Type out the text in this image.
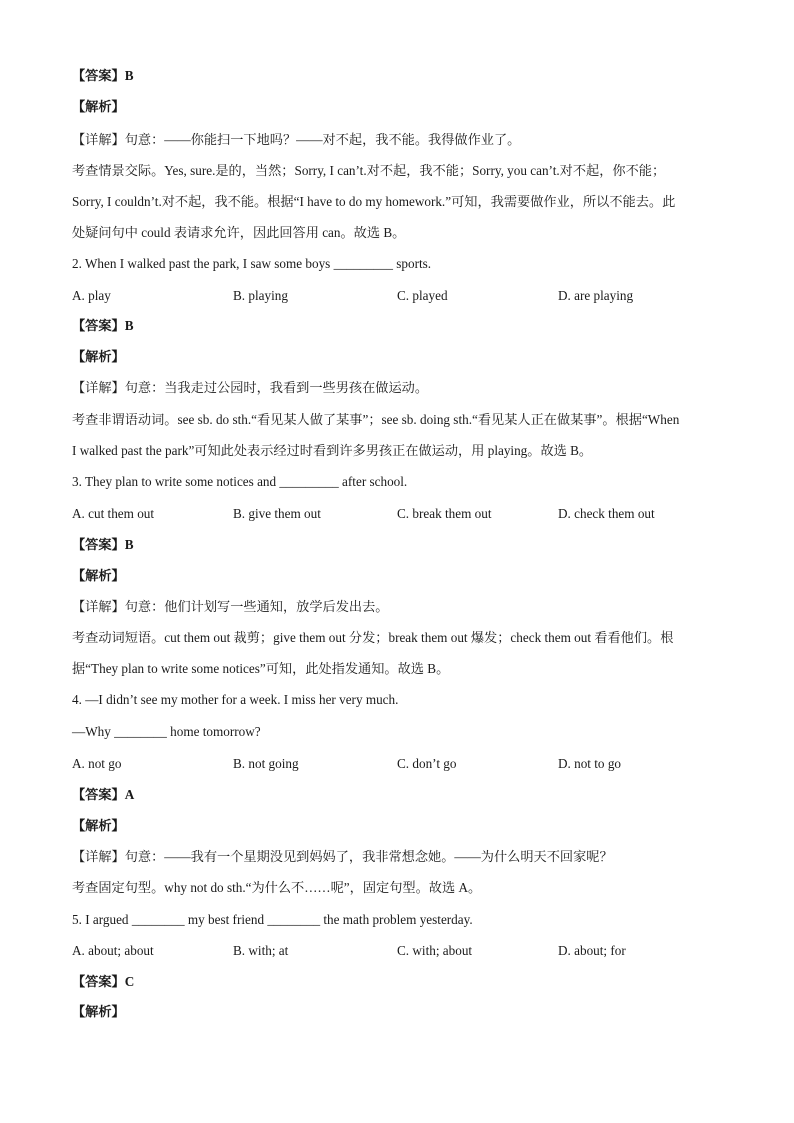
【答案】B
【解析】
【详解】句意：——你能扫一下地吗？——对不起，我不能。我得做作业了。
考查情景交际。Yes, sure.是的，当然；Sorry, I can’t.对不起，我不能；Sorry, you can’t.对不起，你不能；
Sorry, I couldn’t.对不起，我不能。根据“I have to do my homework.”可知，我需要做作业，所以不能去。此
处疑问句中 could 表请求允许，因此回答用 can。故选 B。
2. When I walked past the park, I saw some boys _________ sports.
A. play	B. playing	C. played	D. are playing
【答案】B
【解析】
【详解】句意：当我走过公园时，我看到一些男孩在做运动。
考查非谓语动词。see sb. do sth.“看见某人做了某事”；see sb. doing sth.“看见某人正在做某事”。根据“When
I walked past the park”可知此处表示经过时看到许多男孩正在做运动，用 playing。故选 B。
3. They plan to write some notices and _________ after school.
A. cut them out	B. give them out	C. break them out	D. check them out
【答案】B
【解析】
【详解】句意：他们计划写一些通知，放学后发出去。
考查动词短语。cut them out 裁剪；give them out 分发；break them out 爆发；check them out 看看他们。根
据“They plan to write some notices”可知，此处指发通知。故选 B。
4. —I didn’t see my mother for a week. I miss her very much.
—Why ________ home tomorrow?
A. not go	B. not going	C. don’t go	D. not to go
【答案】A
【解析】
【详解】句意：——我有一个星期没见到妈妈了，我非常想念她。——为什么明天不回家呢？
考查固定句型。why not do sth.“为什么不……呢”，固定句型。故选 A。
5. I argued ________ my best friend ________ the math problem yesterday.
A. about; about	B. with; at	C. with; about	D. about; for
【答案】C
【解析】
